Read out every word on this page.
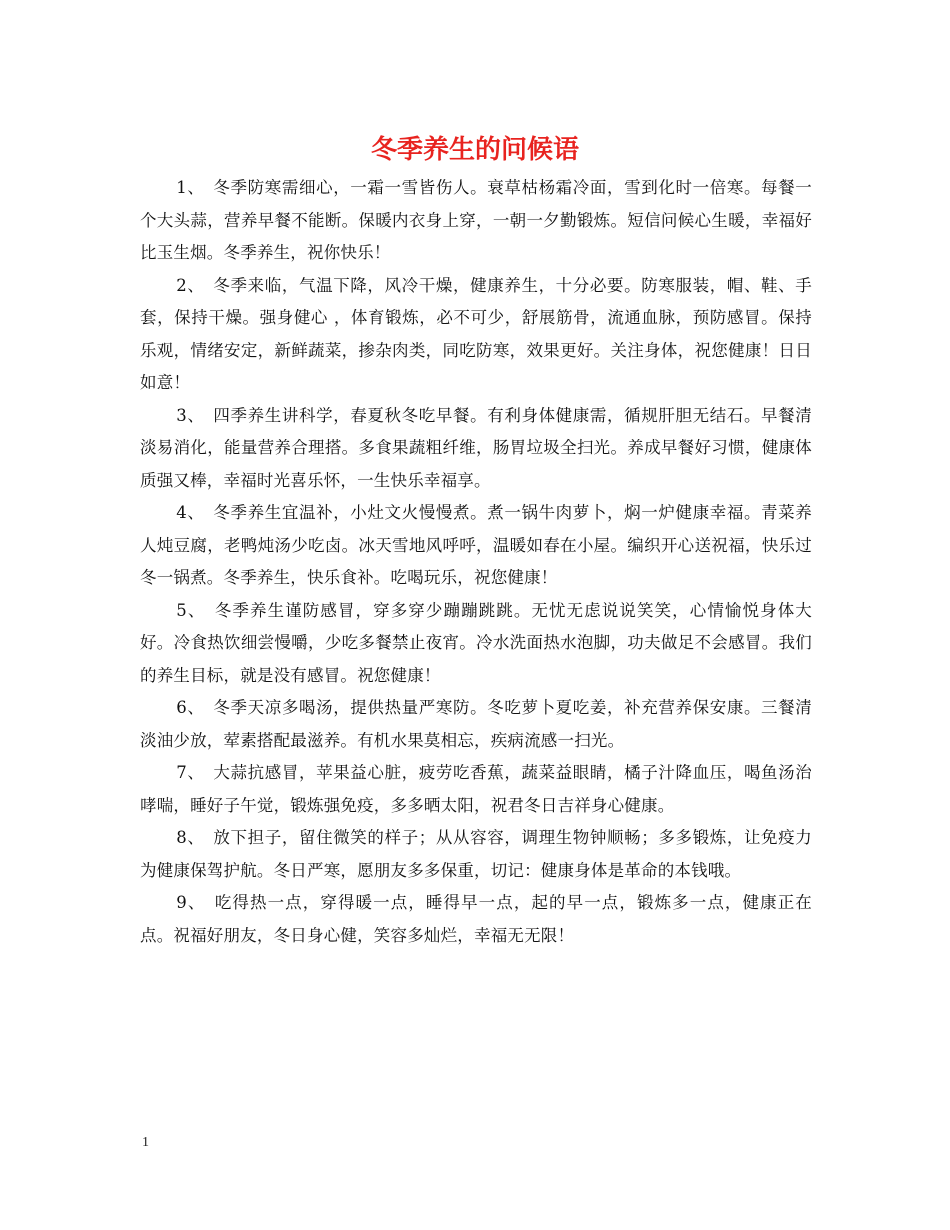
冬季养生的问候语

1、　冬季防寒需细心，一霜一雪皆伤人。衰草枯杨霜冷面，雪到化时一倍寒。每餐一个大头蒜，营养早餐不能断。保暖内衣身上穿，一朝一夕勤锻炼。短信问候心生暖，幸福好比玉生烟。冬季养生，祝你快乐！

2、　冬季来临，气温下降，风冷干燥，健康养生，十分必要。防寒服装，帽、鞋、手套，保持干燥。强身健心 ，体育锻炼，必不可少，舒展筋骨，流通血脉，预防感冒。保持乐观，情绪安定，新鲜蔬菜，掺杂肉类，同吃防寒，效果更好。关注身体，祝您健康！日日如意！

3、　四季养生讲科学，春夏秋冬吃早餐。有利身体健康需，循规肝胆无结石。早餐清淡易消化，能量营养合理搭。多食果蔬粗纤维，肠胃垃圾全扫光。养成早餐好习惯，健康体质强又棒，幸福时光喜乐怀，一生快乐幸福享。

4、　冬季养生宜温补，小灶文火慢慢煮。煮一锅牛肉萝卜，焖一炉健康幸福。青菜养人炖豆腐，老鸭炖汤少吃卤。冰天雪地风呼呼，温暖如春在小屋。编织开心送祝福，快乐过冬一锅煮。冬季养生，快乐食补。吃喝玩乐，祝您健康！

5、　冬季养生谨防感冒，穿多穿少蹦蹦跳跳。无忧无虑说说笑笑，心情愉悦身体大好。冷食热饮细尝慢嚼，少吃多餐禁止夜宵。冷水洗面热水泡脚，功夫做足不会感冒。我们的养生目标，就是没有感冒。祝您健康！

6、　冬季天凉多喝汤，提供热量严寒防。冬吃萝卜夏吃姜，补充营养保安康。三餐清淡油少放，荤素搭配最滋养。有机水果莫相忘，疾病流感一扫光。

7、　大蒜抗感冒，苹果益心脏，疲劳吃香蕉，蔬菜益眼睛，橘子汁降血压，喝鱼汤治哮喘，睡好子午觉，锻炼强免疫，多多晒太阳，祝君冬日吉祥身心健康。

8、　放下担子，留住微笑的样子；从从容容，调理生物钟顺畅；多多锻炼，让免疫力为健康保驾护航。冬日严寒，愿朋友多多保重，切记：健康身体是革命的本钱哦。

9、　吃得热一点，穿得暖一点，睡得早一点，起的早一点，锻炼多一点，健康正在点。祝福好朋友，冬日身心健，笑容多灿烂，幸福无无限！

1
